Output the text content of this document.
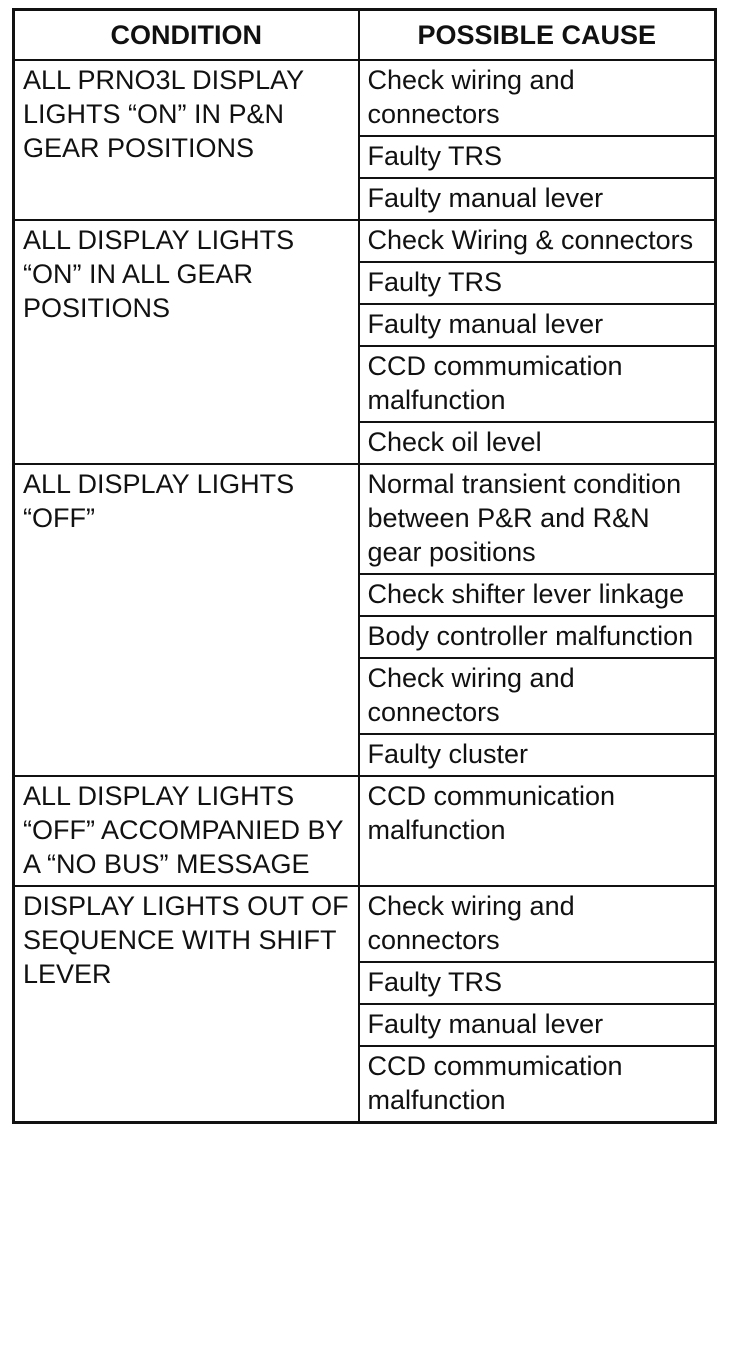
CONDITION	POSSIBLE CAUSE
ALL PRNO3L DISPLAY LIGHTS “ON” IN P&N GEAR POSITIONS	Check wiring and connectors
	Faulty TRS
	Faulty manual lever
ALL DISPLAY LIGHTS “ON” IN ALL GEAR POSITIONS	Check Wiring & connectors
	Faulty TRS
	Faulty manual lever
	CCD commumication malfunction
	Check oil level
ALL DISPLAY LIGHTS “OFF”	Normal transient condition between P&R and R&N gear positions
	Check shifter lever linkage
	Body controller malfunction
	Check wiring and connectors
	Faulty cluster
ALL DISPLAY LIGHTS “OFF” ACCOMPANIED BY A “NO BUS” MESSAGE	CCD communication malfunction
DISPLAY LIGHTS OUT OF SEQUENCE WITH SHIFT LEVER	Check wiring and connectors
	Faulty TRS
	Faulty manual lever
	CCD commumication malfunction
